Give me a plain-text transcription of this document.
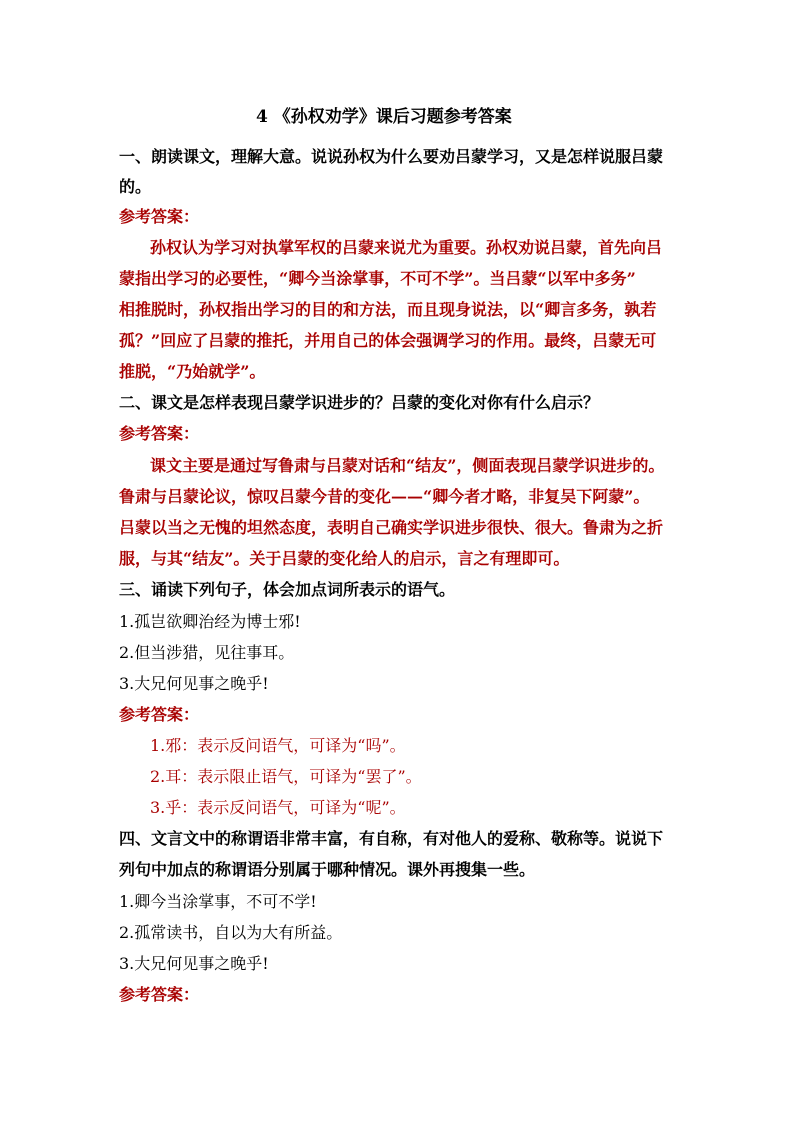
4 《孙权劝学》课后习题参考答案
一、朗读课文，理解大意。说说孙权为什么要劝吕蒙学习，又是怎样说服吕蒙
的。
参考答案：
孙权认为学习对执掌军权的吕蒙来说尤为重要。孙权劝说吕蒙，首先向吕
蒙指出学习的必要性，“卿今当涂掌事，不可不学”。当吕蒙“以军中多务”
相推脱时，孙权指出学习的目的和方法，而且现身说法，以“卿言多务，孰若
孤？”回应了吕蒙的推托，并用自己的体会强调学习的作用。最终，吕蒙无可
推脱，“乃始就学”。
二、课文是怎样表现吕蒙学识进步的？吕蒙的变化对你有什么启示？
参考答案：
课文主要是通过写鲁肃与吕蒙对话和“结友”，侧面表现吕蒙学识进步的。
鲁肃与吕蒙论议，惊叹吕蒙今昔的变化——“卿今者才略，非复吴下阿蒙”。
吕蒙以当之无愧的坦然态度，表明自己确实学识进步很快、很大。鲁肃为之折
服，与其“结友”。关于吕蒙的变化给人的启示，言之有理即可。
三、诵读下列句子，体会加点词所表示的语气。
1.孤岂欲卿治经为博士邪!
2.但当涉猎，见往事耳。
3.大兄何见事之晚乎!
参考答案：
1.邪：表示反问语气，可译为“吗”。
2.耳：表示限止语气，可译为“罢了”。
3.乎：表示反问语气，可译为“呢”。
四、文言文中的称谓语非常丰富，有自称，有对他人的爱称、敬称等。说说下
列句中加点的称谓语分别属于哪种情况。课外再搜集一些。
1.卿今当涂掌事，不可不学!
2.孤常读书，自以为大有所益。
3.大兄何见事之晚乎!
参考答案：
